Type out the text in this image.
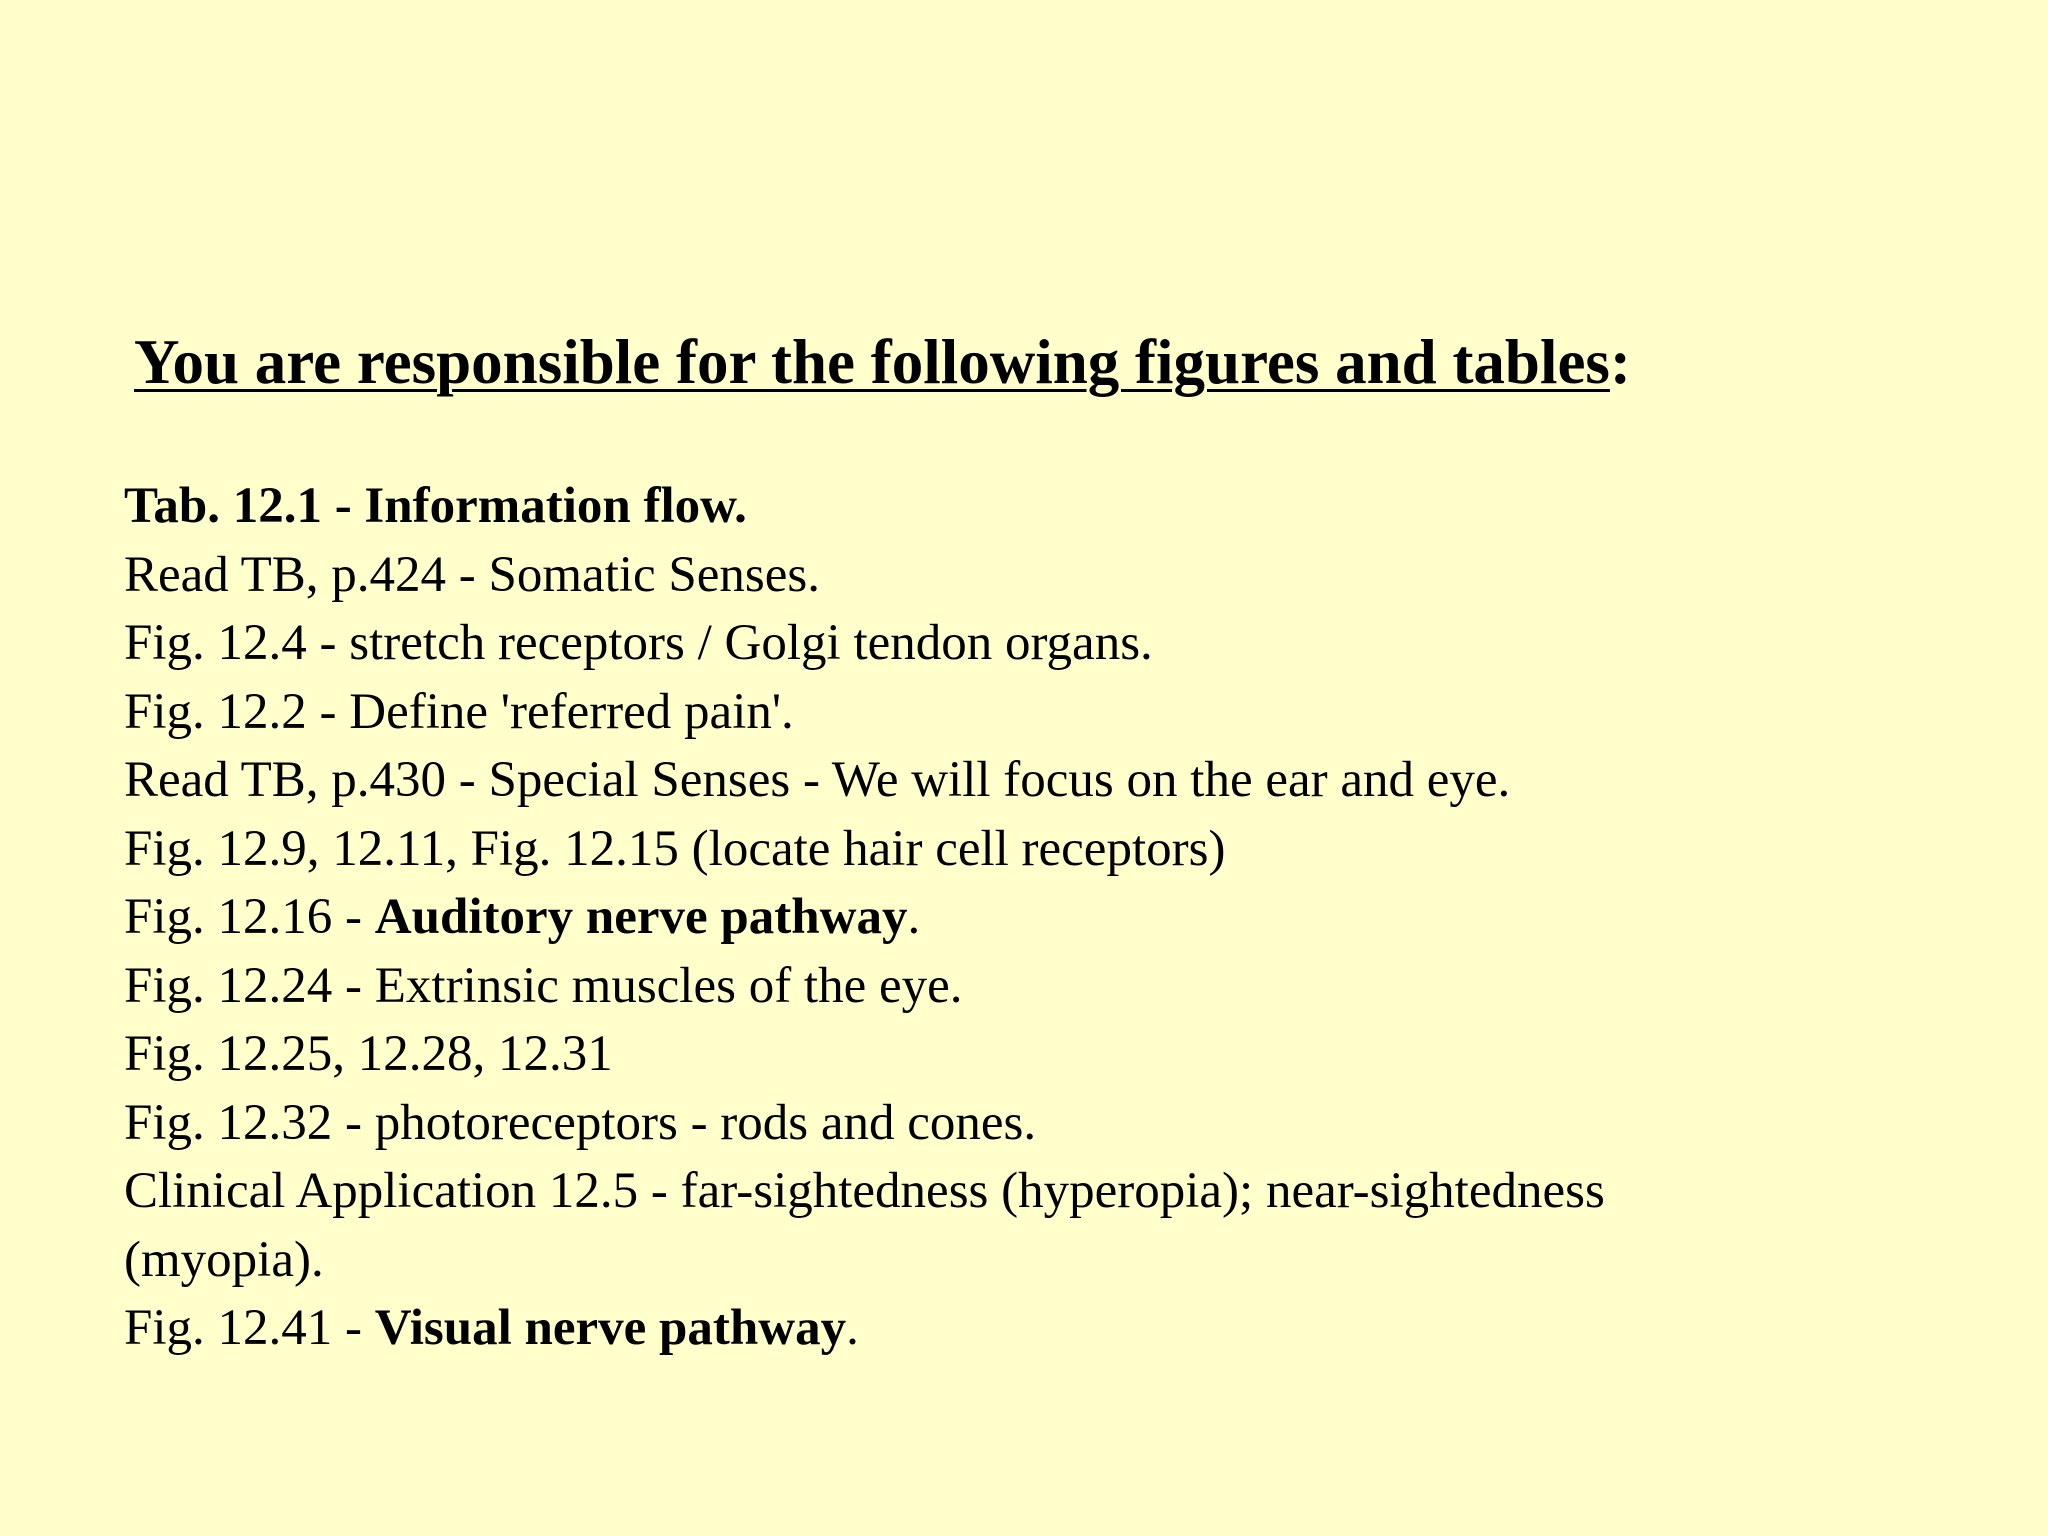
You are responsible for the following figures and tables:
Tab. 12.1 - Information flow.
Read TB, p.424 - Somatic Senses.
Fig. 12.4 - stretch receptors / Golgi tendon organs.
Fig. 12.2 - Define 'referred pain'.
Read TB, p.430 - Special Senses - We will focus on the ear and eye.
Fig. 12.9, 12.11, Fig. 12.15 (locate hair cell receptors)
Fig. 12.16 - Auditory nerve pathway.
Fig. 12.24 - Extrinsic muscles of the eye.
Fig. 12.25, 12.28, 12.31
Fig. 12.32 - photoreceptors - rods and cones.
Clinical Application 12.5 - far-sightedness (hyperopia); near-sightedness
(myopia).
Fig. 12.41 - Visual nerve pathway.
